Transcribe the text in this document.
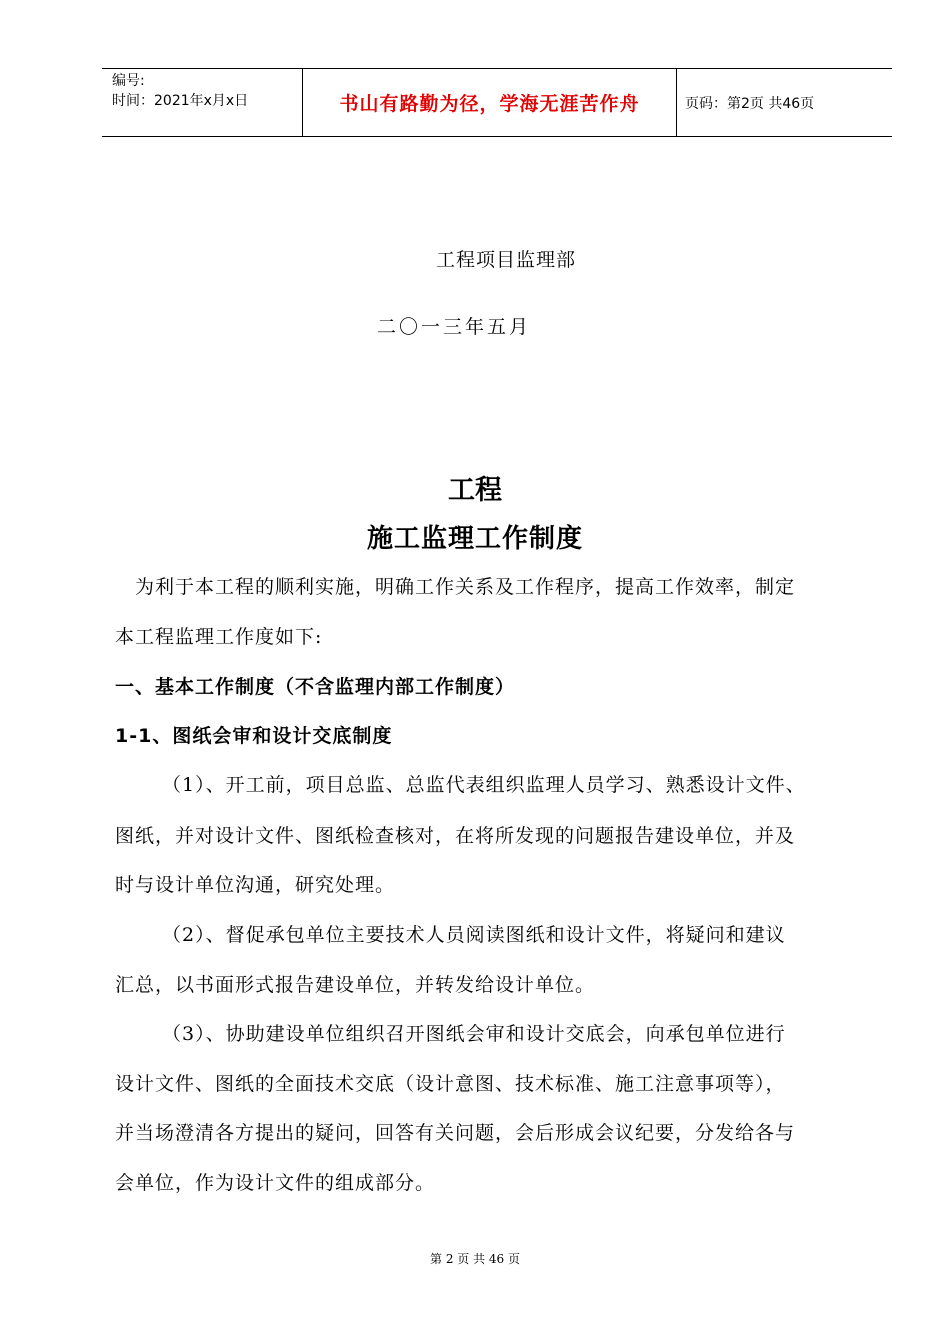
编号:
时间：2021年x月x日	书山有路勤为径，学海无涯苦作舟	页码：第2页 共46页
工程项目监理部
二〇一三年五月
工程
施工监理工作制度
为利于本工程的顺利实施，明确工作关系及工作程序，提高工作效率，制定
本工程监理工作度如下:
一、基本工作制度（不含监理内部工作制度）
1-1、图纸会审和设计交底制度
（1）、开工前，项目总监、总监代表组织监理人员学习、熟悉设计文件、
图纸，并对设计文件、图纸检查核对，在将所发现的问题报告建设单位，并及
时与设计单位沟通，研究处理。
（2）、督促承包单位主要技术人员阅读图纸和设计文件，将疑问和建议
汇总，以书面形式报告建设单位，并转发给设计单位。
（3）、协助建设单位组织召开图纸会审和设计交底会，向承包单位进行
设计文件、图纸的全面技术交底（设计意图、技术标准、施工注意事项等），
并当场澄清各方提出的疑问，回答有关问题，会后形成会议纪要，分发给各与
会单位，作为设计文件的组成部分。
第 2 页 共 46 页
